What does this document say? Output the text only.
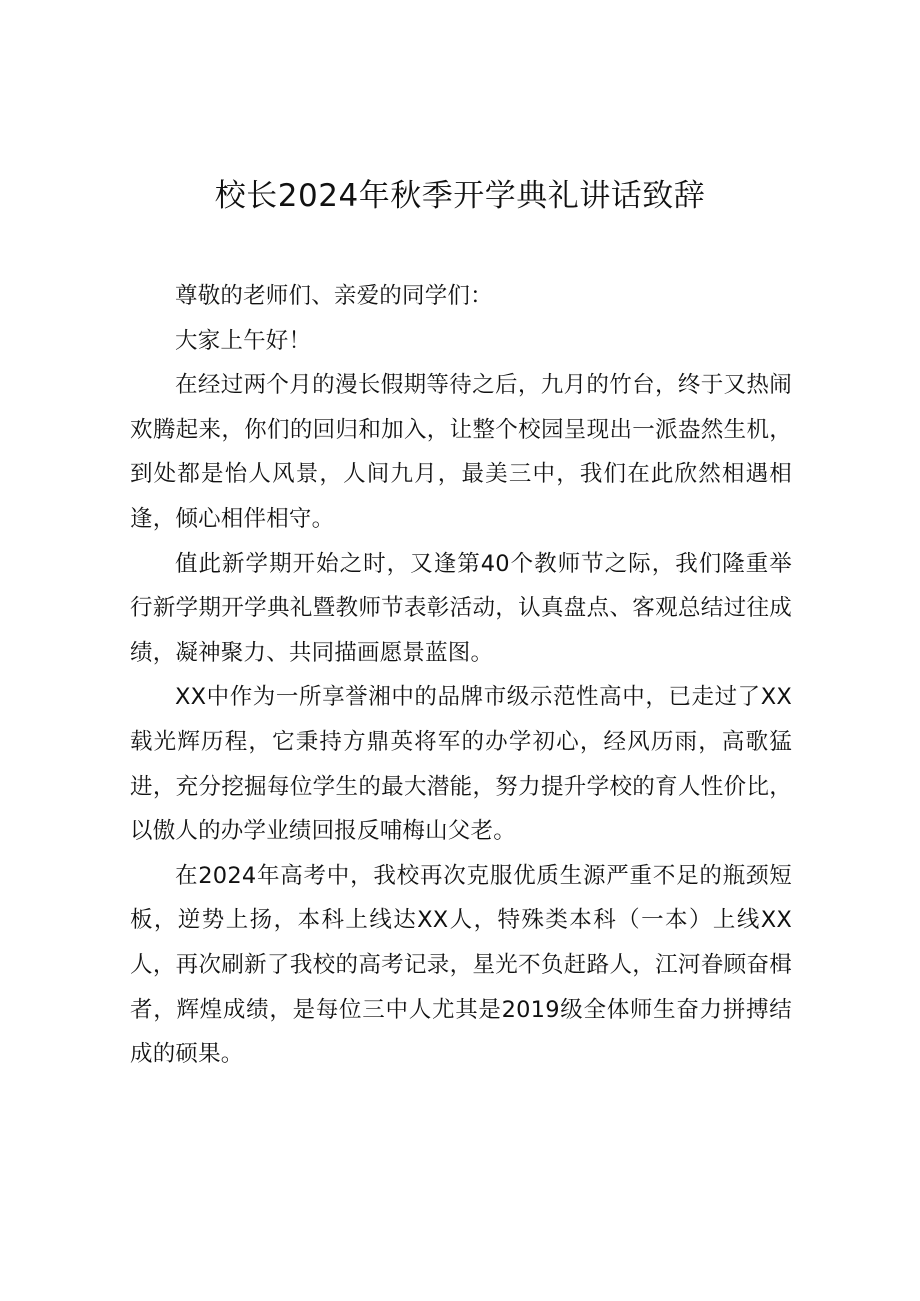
校长2024年秋季开学典礼讲话致辞

尊敬的老师们、亲爱的同学们：

大家上午好！

在经过两个月的漫长假期等待之后，九月的竹台，终于又热闹欢腾起来，你们的回归和加入，让整个校园呈现出一派盎然生机，到处都是怡人风景，人间九月，最美三中，我们在此欣然相遇相逢，倾心相伴相守。

值此新学期开始之时，又逢第40个教师节之际，我们隆重举行新学期开学典礼暨教师节表彰活动，认真盘点、客观总结过往成绩，凝神聚力、共同描画愿景蓝图。

XX中作为一所享誉湘中的品牌市级示范性高中，已走过了XX载光辉历程，它秉持方鼎英将军的办学初心，经风历雨，高歌猛进，充分挖掘每位学生的最大潜能，努力提升学校的育人性价比，以傲人的办学业绩回报反哺梅山父老。

在2024年高考中，我校再次克服优质生源严重不足的瓶颈短板，逆势上扬，本科上线达XX人，特殊类本科（一本）上线XX人，再次刷新了我校的高考记录，星光不负赶路人，江河眷顾奋楫者，辉煌成绩，是每位三中人尤其是2019级全体师生奋力拼搏结成的硕果。
